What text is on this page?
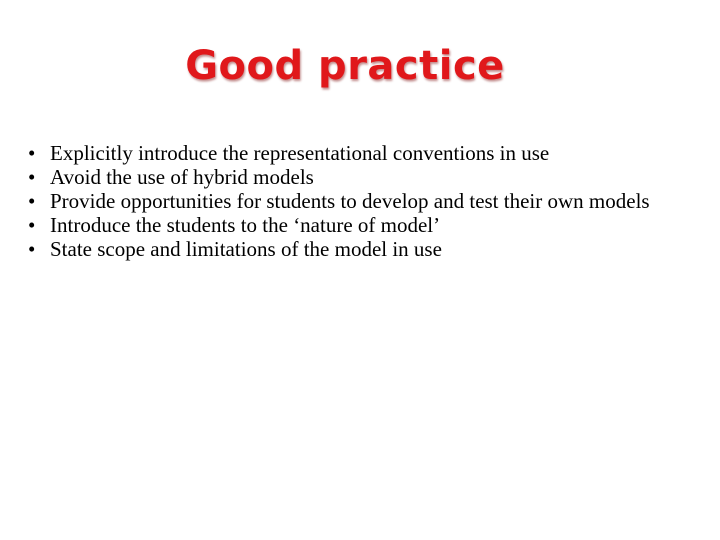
Good practice
• Explicitly introduce the representational conventions in use
• Avoid the use of hybrid models
• Provide opportunities for students to develop and test their own models
• Introduce the students to the ‘nature of model’
• State scope and limitations of the model in use
